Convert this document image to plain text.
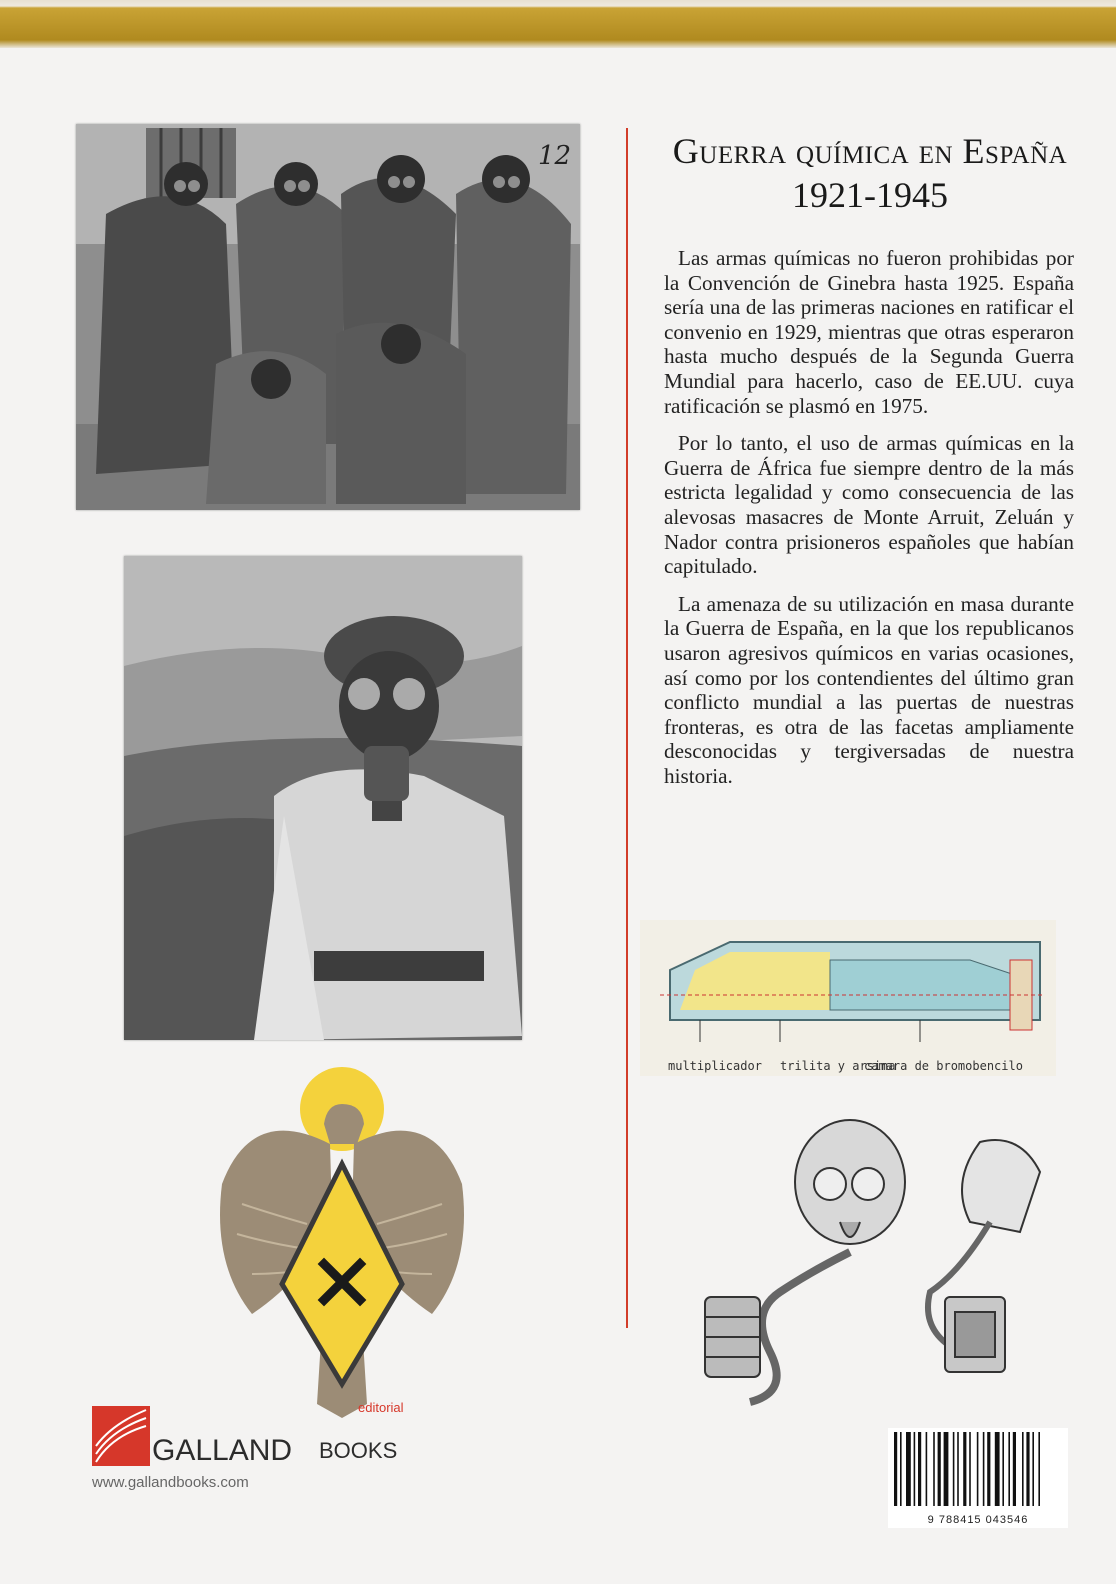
12	Guerra química en España
1921-1945

Las armas químicas no fueron prohibidas por la Convención de Ginebra hasta 1925. España sería una de las primeras naciones en ratificar el convenio en 1929, mientras que otras esperaron hasta mucho después de la Segunda Guerra Mundial para hacerlo, caso de EE.UU. cuya ratificación se plasmó en 1975.

Por lo tanto, el uso de armas químicas en la Guerra de África fue siempre dentro de la más estricta legalidad y como consecuencia de las alevosas masacres de Monte Arruit, Zeluán y Nador contra prisioneros españoles que habían capitulado.

La amenaza de su utilización en masa durante la Guerra de España, en la que los republicanos usaron agresivos químicos en varias ocasiones, así como por los contendientes del último gran conflicto mundial a las puertas de nuestras fronteras, es otra de las facetas ampliamente desconocidas y tergiversadas de nuestra historia.

multiplicador trilita y arsina
camara de bromobencilo
editorial
GALLAND BOOKS
www.gallandbooks.com
9 788415 043546
